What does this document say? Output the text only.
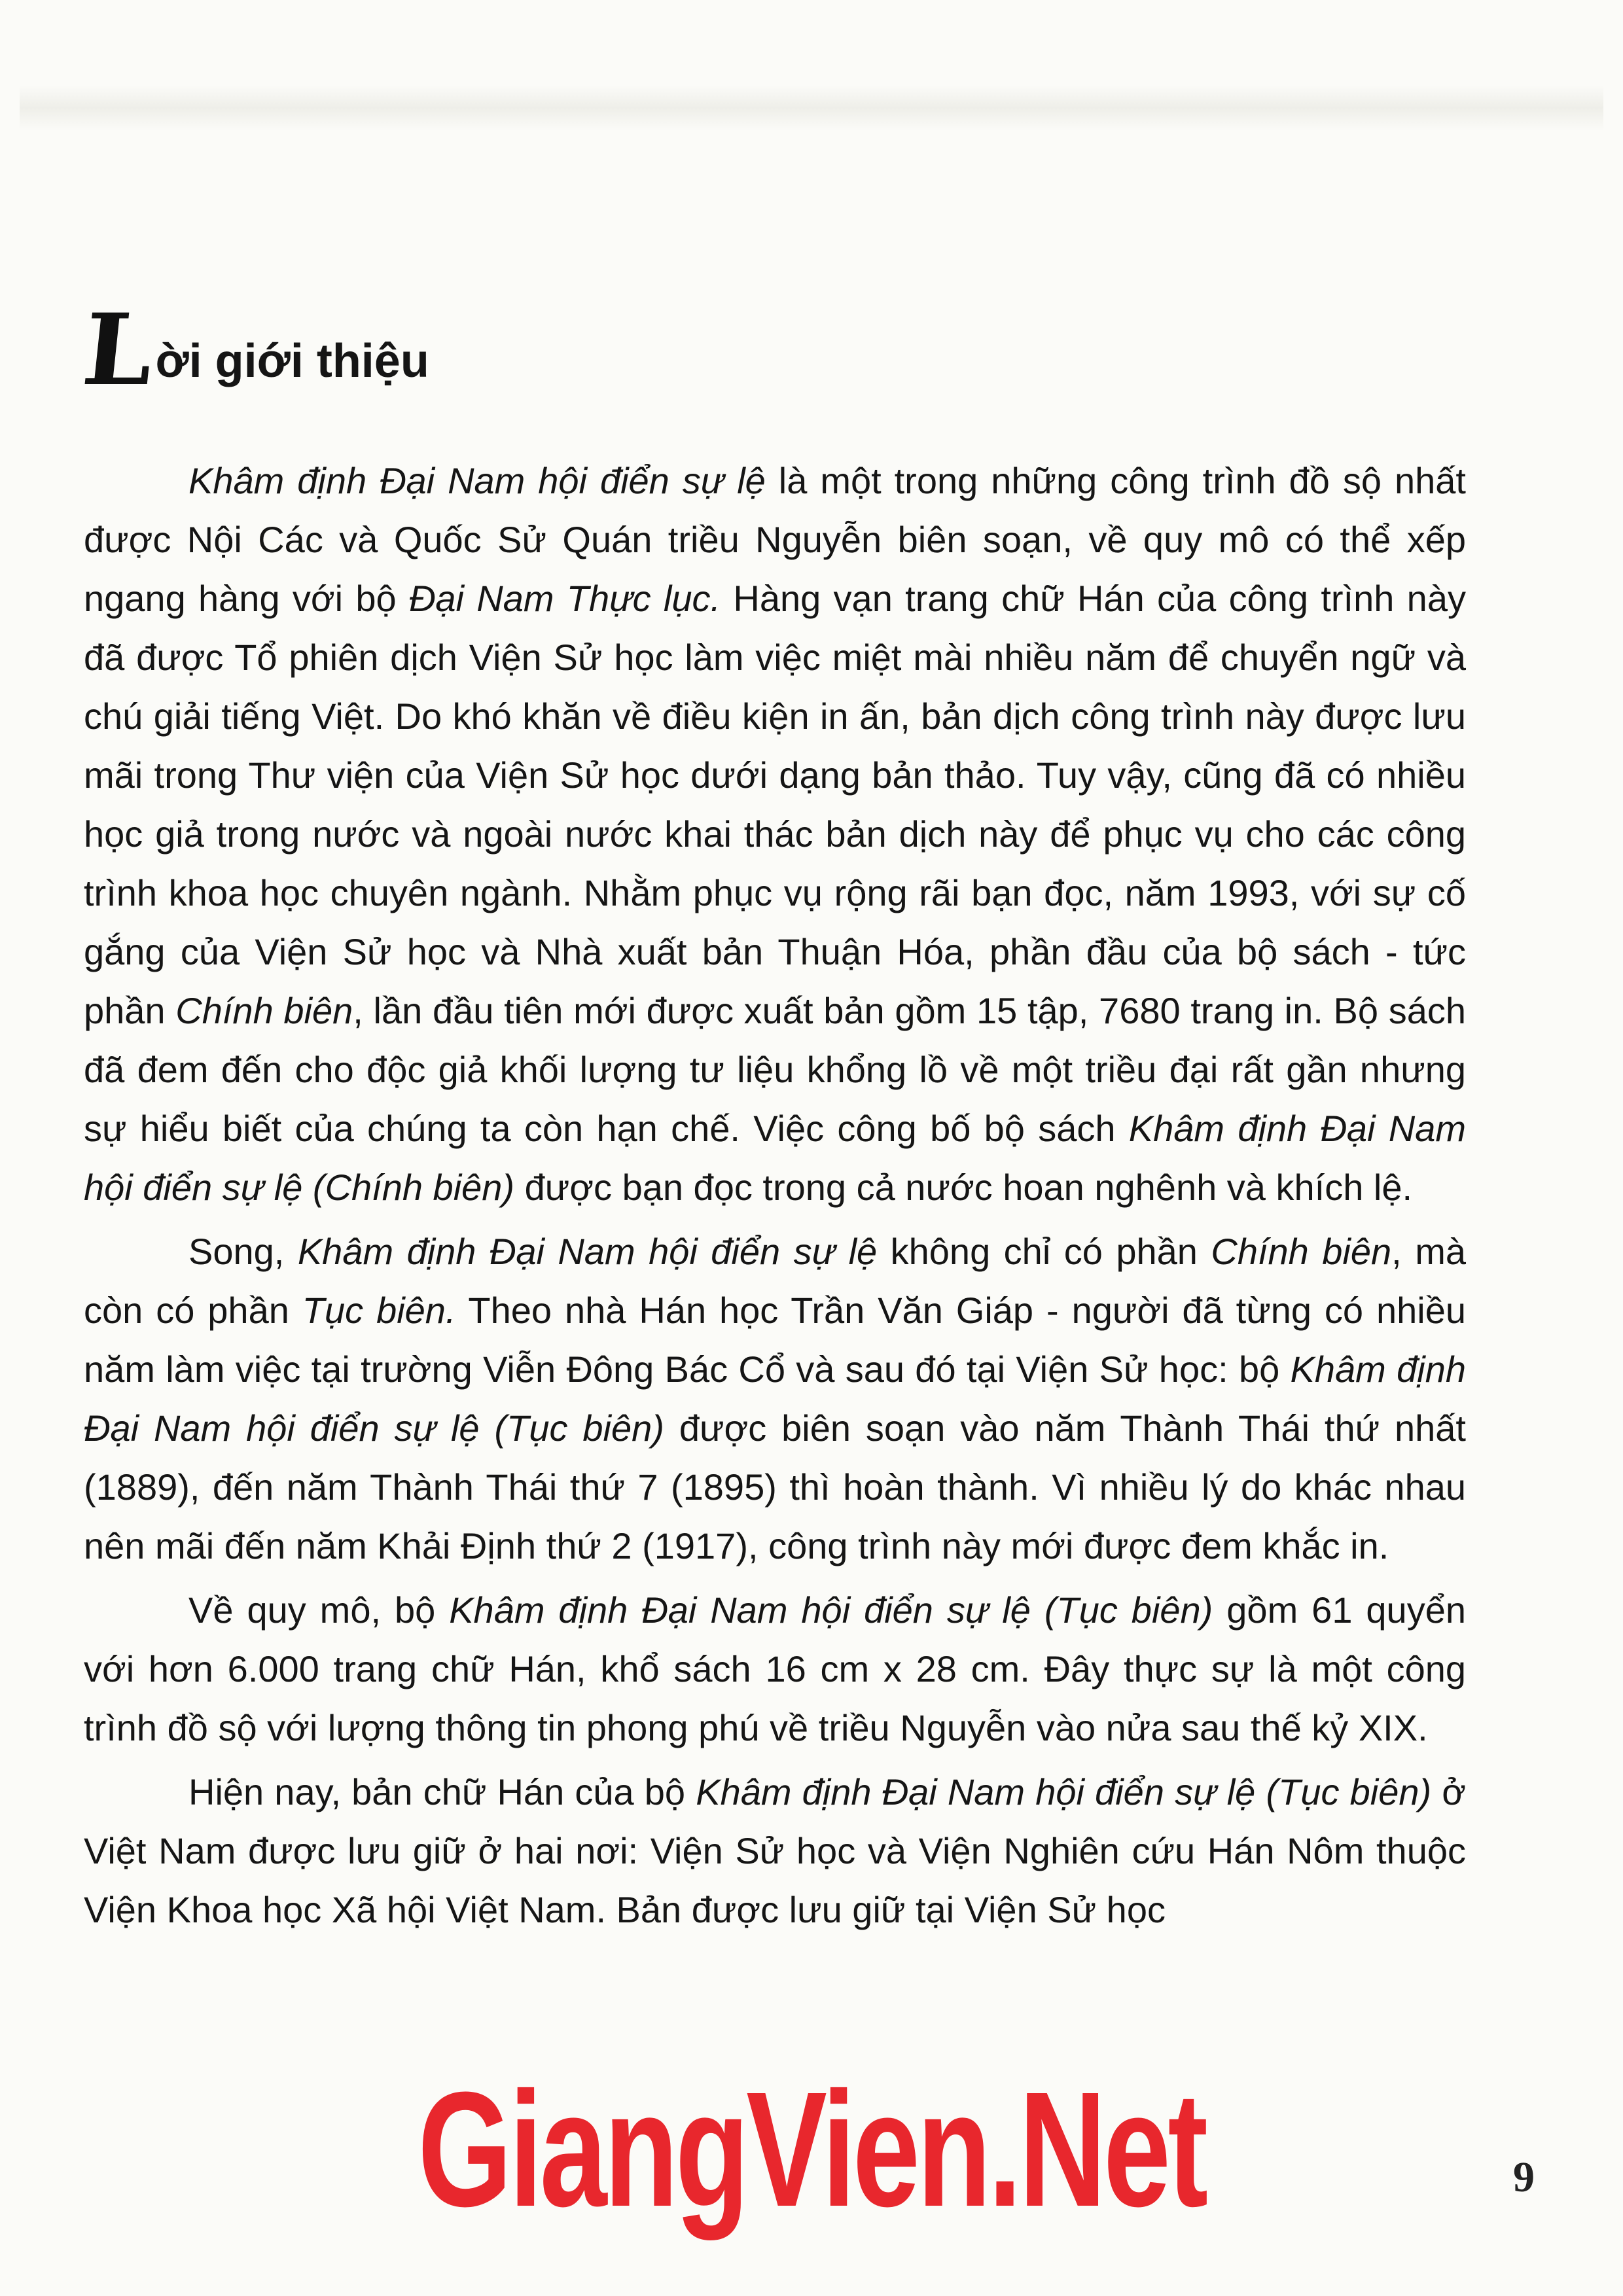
L
ời giới thiệu

Khâm định Đại Nam hội điển sự lệ là một trong những công trình đồ sộ nhất được Nội Các và Quốc Sử Quán triều Nguyễn biên soạn, về quy mô có thể xếp ngang hàng với bộ Đại Nam Thực lục. Hàng vạn trang chữ Hán của công trình này đã được Tổ phiên dịch Viện Sử học làm việc miệt mài nhiều năm để chuyển ngữ và chú giải tiếng Việt. Do khó khăn về điều kiện in ấn, bản dịch công trình này được lưu mãi trong Thư viện của Viện Sử học dưới dạng bản thảo. Tuy vậy, cũng đã có nhiều học giả trong nước và ngoài nước khai thác bản dịch này để phục vụ cho các công trình khoa học chuyên ngành. Nhằm phục vụ rộng rãi bạn đọc, năm 1993, với sự cố gắng của Viện Sử học và Nhà xuất bản Thuận Hóa, phần đầu của bộ sách - tức phần Chính biên, lần đầu tiên mới được xuất bản gồm 15 tập, 7680 trang in. Bộ sách đã đem đến cho độc giả khối lượng tư liệu khổng lồ về một triều đại rất gần nhưng sự hiểu biết của chúng ta còn hạn chế. Việc công bố bộ sách Khâm định Đại Nam hội điển sự lệ (Chính biên) được bạn đọc trong cả nước hoan nghênh và khích lệ.

Song, Khâm định Đại Nam hội điển sự lệ không chỉ có phần Chính biên, mà còn có phần Tục biên. Theo nhà Hán học Trần Văn Giáp - người đã từng có nhiều năm làm việc tại trường Viễn Đông Bác Cổ và sau đó tại Viện Sử học: bộ Khâm định Đại Nam hội điển sự lệ (Tục biên) được biên soạn vào năm Thành Thái thứ nhất (1889), đến năm Thành Thái thứ 7 (1895) thì hoàn thành. Vì nhiều lý do khác nhau nên mãi đến năm Khải Định thứ 2 (1917), công trình này mới được đem khắc in.

Về quy mô, bộ Khâm định Đại Nam hội điển sự lệ (Tục biên) gồm 61 quyển với hơn 6.000 trang chữ Hán, khổ sách 16 cm x 28 cm. Đây thực sự là một công trình đồ sộ với lượng thông tin phong phú về triều Nguyễn vào nửa sau thế kỷ XIX.

Hiện nay, bản chữ Hán của bộ Khâm định Đại Nam hội điển sự lệ (Tục biên) ở Việt Nam được lưu giữ ở hai nơi: Viện Sử học và Viện Nghiên cứu Hán Nôm thuộc Viện Khoa học Xã hội Việt Nam. Bản được lưu giữ tại Viện Sử học

GiangVien.Net	9
